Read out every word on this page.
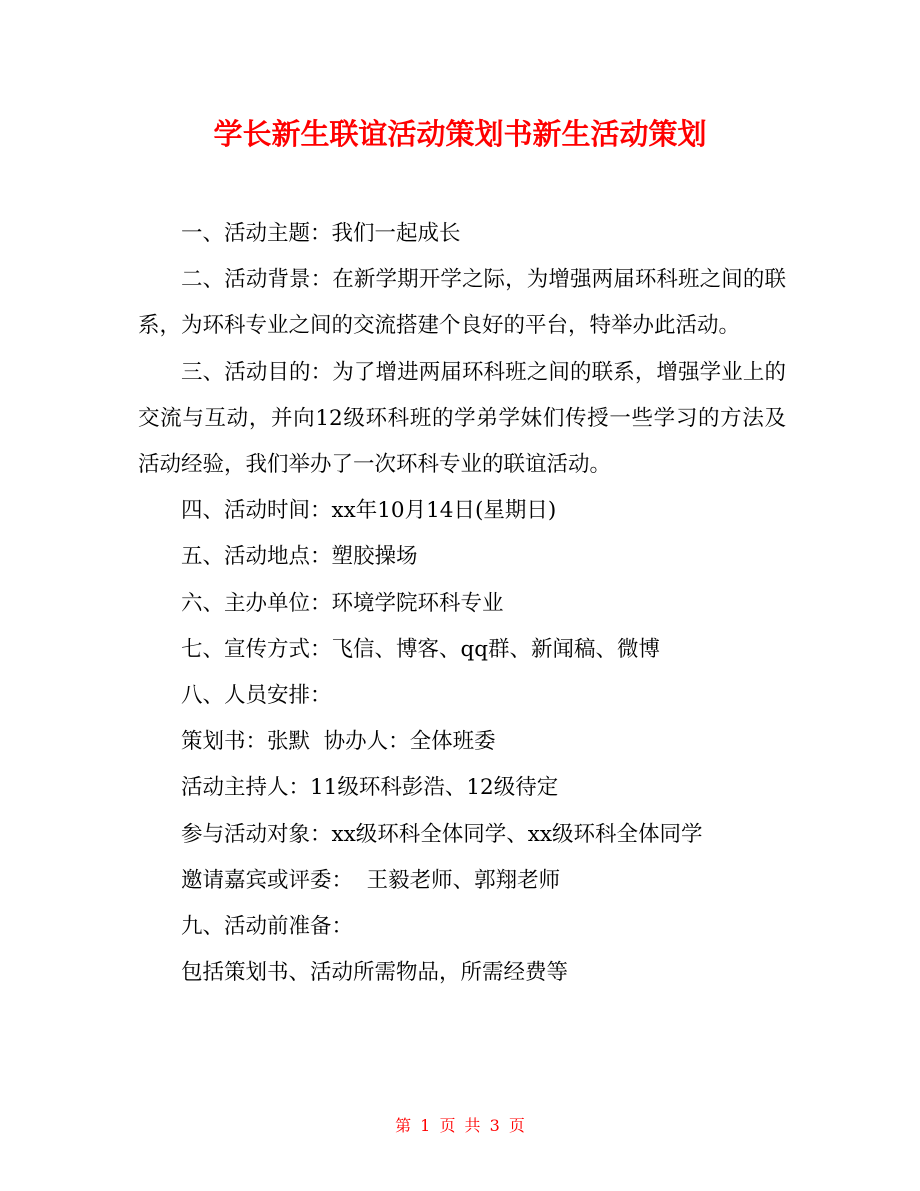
学长新生联谊活动策划书新生活动策划

一、活动主题：我们一起成长

二、活动背景：在新学期开学之际，为增强两届环科班之间的联系，为环科专业之间的交流搭建个良好的平台，特举办此活动。

三、活动目的：为了增进两届环科班之间的联系，增强学业上的交流与互动，并向12级环科班的学弟学妹们传授一些学习的方法及活动经验，我们举办了一次环科专业的联谊活动。

四、活动时间：xx年10月14日(星期日)

五、活动地点：塑胶操场

六、主办单位：环境学院环科专业

七、宣传方式：飞信、博客、qq群、新闻稿、微博

八、人员安排：

策划书：张默  协办人：全体班委

活动主持人：11级环科彭浩、12级待定

参与活动对象：xx级环科全体同学、xx级环科全体同学

邀请嘉宾或评委：  王毅老师、郭翔老师

九、活动前准备：

包括策划书、活动所需物品，所需经费等

第 1 页 共 3 页
